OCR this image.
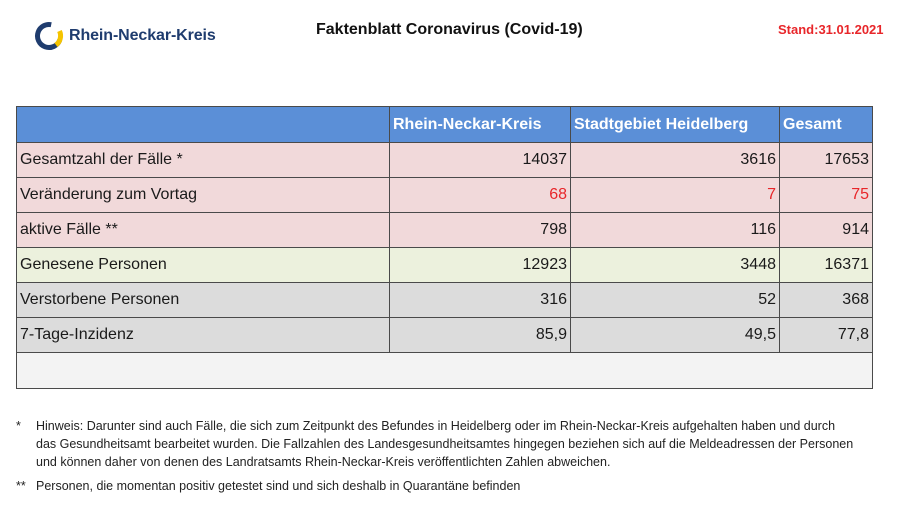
Rhein-Neckar-Kreis	Faktenblatt Coronavirus (Covid-19)	Stand:31.01.2021
	Rhein-Neckar-Kreis	Stadtgebiet Heidelberg	Gesamt
Gesamtzahl der Fälle *	14037	3616	17653
Veränderung zum Vortag	68	7	75
aktive Fälle **	798	116	914
Genesene Personen	12923	3448	16371
Verstorbene Personen	316	52	368
7-Tage-Inzidenz	85,9	49,5	77,8

*	Hinweis: Darunter sind auch Fälle, die sich zum Zeitpunkt des Befundes in Heidelberg oder im Rhein-Neckar-Kreis aufgehalten haben und durch das Gesundheitsamt bearbeitet wurden. Die Fallzahlen des Landesgesundheitsamtes hingegen beziehen sich auf die Meldeadressen der Personen und können daher von denen des Landratsamts Rhein-Neckar-Kreis veröffentlichten Zahlen abweichen.
** Personen, die momentan positiv getestet sind und sich deshalb in Quarantäne befinden
